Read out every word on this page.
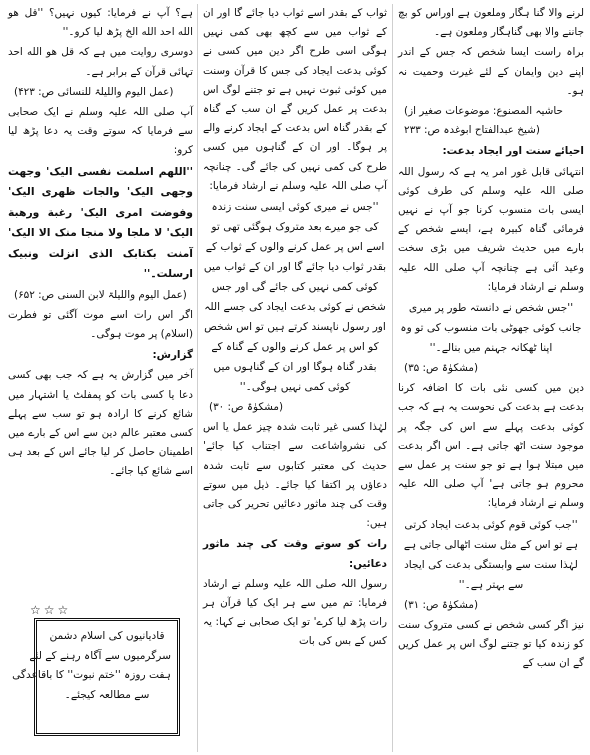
لرنے والا گنا ہگار وملعون ہے اوراس کو بچ جاننے والا بھی گناہگار وملعون ہے۔

براہ راست ایسا شخص کہ جس کے اندر اپنے دین وایمان کے لئے غیرت وحمیت نہ ہو۔

(حاشیہ المصنوع: موضوعات صغیر از شیخ عبدالفتاح ابوغدہ ص: ۲۳۳)

احیائے سنت اور ایجاد بدعت:

انتہائی قابل غور امر یہ ہے کہ رسول اللہ صلی اللہ علیہ وسلم کی طرف کوئی ایسی بات منسوب کرنا جو آپ نے نہیں فرمائی گناہ کبیرہ ہے، ایسے شخص کے بارے میں حدیث شریف میں بڑی سخت وعید آئی ہے چنانچہ آپ صلی اللہ علیہ وسلم نے ارشاد فرمایا:

''جس شخص نے دانستہ طور پر میری جانب کوئی جھوٹی بات منسوب کی تو وہ اپنا ٹھکانہ جہنم میں بنالے۔''

(مشکوٰۃ ص: ۳۵)

دین میں کسی نئی بات کا اضافہ کرنا بدعت ہے بدعت کی نحوست یہ ہے کہ جب کوئی بدعت پہلے سے اس کی جگہ پر موجود سنت اٹھ جاتی ہے۔ اس اگر بدعت میں مبتلا ہوا ہے تو جو سنت پر عمل سے محروم ہو جاتی ہے' آپ صلی اللہ علیہ وسلم نے ارشاد فرمایا:

''جب کوئی قوم کوئی بدعت ایجاد کرتی ہے تو اس کے مثل سنت اٹھالی جاتی ہے لہٰذا سنت سے وابستگی بدعت کی ایجاد سے بہتر ہے۔''

(مشکوٰۃ ص: ۳۱)

نیز اگر کسی شخص نے کسی متروک سنت کو زندہ کیا تو جتنے لوگ اس پر عمل کریں گے ان سب کے

ثواب کے بقدر اسے ثواب دیا جائے گا اور ان کے ثواب میں سے کچھ بھی کمی نہیں ہوگی اسی طرح اگر دین میں کسی نے کوئی بدعت ایجاد کی جس کا قرآن وسنت میں کوئی ثبوت نہیں ہے تو جتنے لوگ اس بدعت پر عمل کریں گے ان سب کے گناہ کے بقدر گناہ اس بدعت کے ایجاد کرنے والے پر ہوگا۔ اور ان کے گناہوں میں کسی طرح کی کمی نہیں کی جائے گی۔ چنانچہ آپ صلی اللہ علیہ وسلم نے ارشاد فرمایا:

''جس نے میری کوئی ایسی سنت زندہ کی جو میرے بعد متروک ہوگئی تھی تو اسے اس پر عمل کرنے والوں کے ثواب کے بقدر ثواب دیا جائے گا اور ان کے ثواب میں کوئی کمی نہیں کی جائے گی اور جس شخص نے کوئی بدعت ایجاد کی جسے اللہ اور رسول ناپسند کرتے ہیں تو اس شخص کو اس پر عمل کرنے والوں کے گناہ کے بقدر گناہ ہوگا اور ان کے گناہوں میں کوئی کمی نہیں ہوگی۔''

(مشکوٰۃ ص: ۳۰)

لہٰذا کسی غیر ثابت شدہ چیز عمل یا اس کی نشرواشاعت سے اجتناب کیا جائے' حدیث کی معتبر کتابوں سے ثابت شدہ دعاؤں پر اکتفا کیا جائے۔ ذیل میں سوتے وقت کی چند ماثور دعائیں تحریر کی جاتی ہیں:

رات کو سوتے وقت کی چند ماثور دعائیں:

رسول اللہ صلی اللہ علیہ وسلم نے ارشاد فرمایا: تم میں سے ہر ایک کیا قرآن ہر رات پڑھ لیا کرے' تو ایک صحابی نے کہا: یہ کس کے بس کی بات

ہے؟ آپ نے فرمایا: کیوں نہیں؟ ''قل هو الله احد الله الخ پڑھ لیا کرو۔''

دوسری روایت میں ہے کہ قل هو الله احد تہائی قرآن کے برابر ہے۔

(عمل الیوم واللیلۃ للنسائی ص: ۴۲۳)

آپ صلی اللہ علیہ وسلم نے ایک صحابی سے فرمایا کہ سوتے وقت یہ دعا پڑھ لیا کرو:

''اللهم اسلمت نفسی الیک' وجهت وجهی الیک' والجات ظهری الیک' وفوضت امری الیک' رغبة ورهبة الیک' لا ملجا ولا منجا منک الا الیک' آمنت بکتابک الذی انزلت ونبیک ارسلت۔''

(عمل الیوم واللیلۃ لابن السنی ص: ۶۵۲)

اگر اس رات اسے موت آگئی تو فطرت (اسلام) پر موت ہوگی۔

گزارش:

آخر میں گزارش یہ ہے کہ جب بھی کسی دعا یا کسی بات کو پمفلٹ یا اشتہار میں شائع کرنے کا ارادہ ہو تو سب سے پہلے کسی معتبر عالم دین سے اس کے بارے میں اطمینان حاصل کر لیا جائے اس کے بعد ہی اسے شائع کیا جائے۔

☆☆☆
قادیانیوں کی اسلام دشمن
سرگرمیوں سے آگاہ رہنے کے لئے
ہفت روزہ ''ختم نبوت'' کا باقاعدگی
سے مطالعہ کیجئے۔
